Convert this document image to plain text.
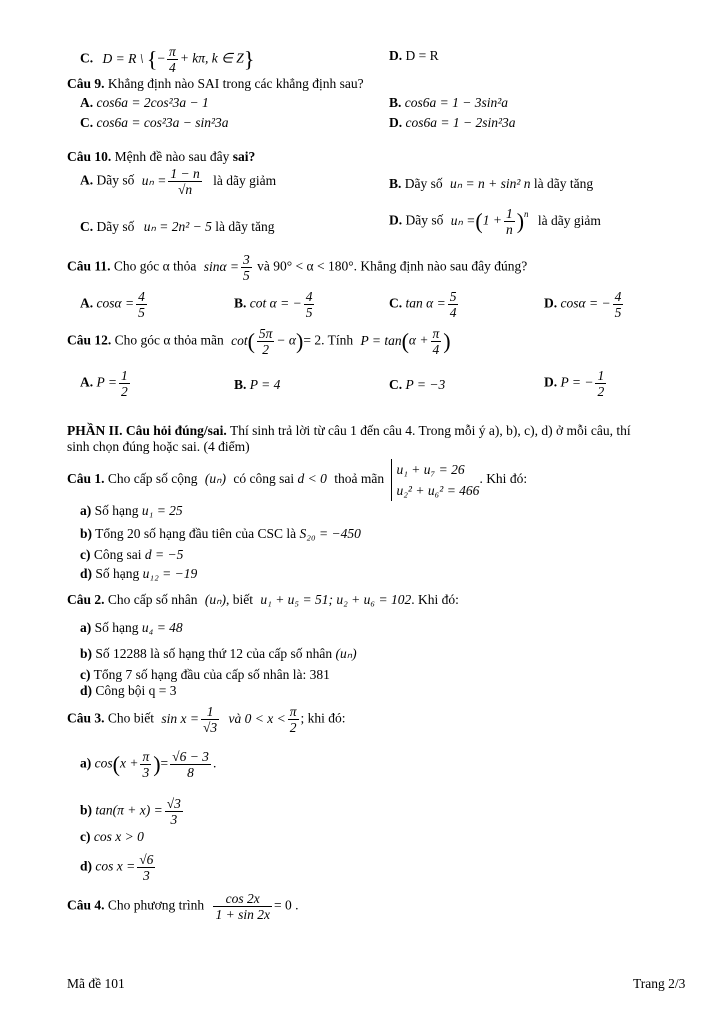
C. D = R \ {− $\frac{\pi}{4} + k\pi$, k ∈ Z}	D. D = R
Câu 9. Khẳng định nào SAI trong các khẳng định sau?
A. cos6a = 2cos²3a − 1	B. cos6a = 1 − 3sin²a
C. cos6a = cos²3a − sin²3a	D. cos6a = 1 − 2sin²3a
Câu 10. Mệnh đề nào sau đây sai?
A. Dãy số $u_n = \frac{1 - n}{√n}$ là dãy giảm	B. Dãy số uₙ = n + sin² n là dãy tăng
C. Dãy số uₙ = 2n² − 5 là dãy tăng	D. Dãy số $u_n =(1 + \frac{1}{n} )^n$ là dãy giảm
Câu 11. Cho góc α thỏa $\sin\alpha = \frac{3}{5}$ và 90° < α < 180°. Khẳng định nào sau đây đúng?
A. $\cos\alpha = \frac{4}{5}$	B. cot α = − $\frac{4}{5}$	C. $\tan \alpha = \frac{5}{4}$	D. cosα = − $\frac{4}{5}$
Câu 12. Cho góc α thỏa mãn $\cot( \frac{5\pi}{2} - \alpha)= 2$. Tính $P = \tan(\alpha + \frac{\pi}{4}$ )
A. $P = \frac{1}{2}$	B. P = 4	C. P = −3	D. P = − $\frac{1}{2}$
PHẦN II. Câu hỏi đúng/sai. Thí sinh trả lời từ câu 1 đến câu 4. Trong mỗi ý a), b), c), d) ở mỗi câu, thí
sinh chọn đúng hoặc sai. (4 điểm)
Câu 1. Cho cấp số cộng (uₙ) có công sai d < 0 thoả mãn
u₁ + u₇ = 26
u₂² + u₆² = 466
. Khi đó:
a) Số hạng u₁ = 25
b) Tổng 20 số hạng đầu tiên của CSC là S₂₀ = −450
c) Công sai d = −5
d) Số hạng u₁₂ = −19
Câu 2. Cho cấp số nhân (uₙ), biết u₁ + u₅ = 51; u₂ + u₆ = 102. Khi đó:
a) Số hạng u₄ = 48
b) Số 12288 là số hạng thứ 12 của cấp số nhân (uₙ)
c) Tổng 7 số hạng đầu của cấp số nhân là: 381
d) Công bội q = 3
Câu 3. Cho biết $\sin x = \frac{1}{√3}$ và $0 < x < \frac{\pi}{2}$ ; khi đó:
a) $\cos(x + \frac{\pi}{3}$ )= $\frac{√6 - 3}{8}$ .
b) $\tan(\pi + x) = \frac{√3}{3}$
c) cos x > 0
d) $\cos x = \frac{√6}{3}$
Câu 4. Cho phương trình $\frac{\cos 2x}{1 + \sin 2x} = 0$ .
Mã đề 101	Trang 2/3
